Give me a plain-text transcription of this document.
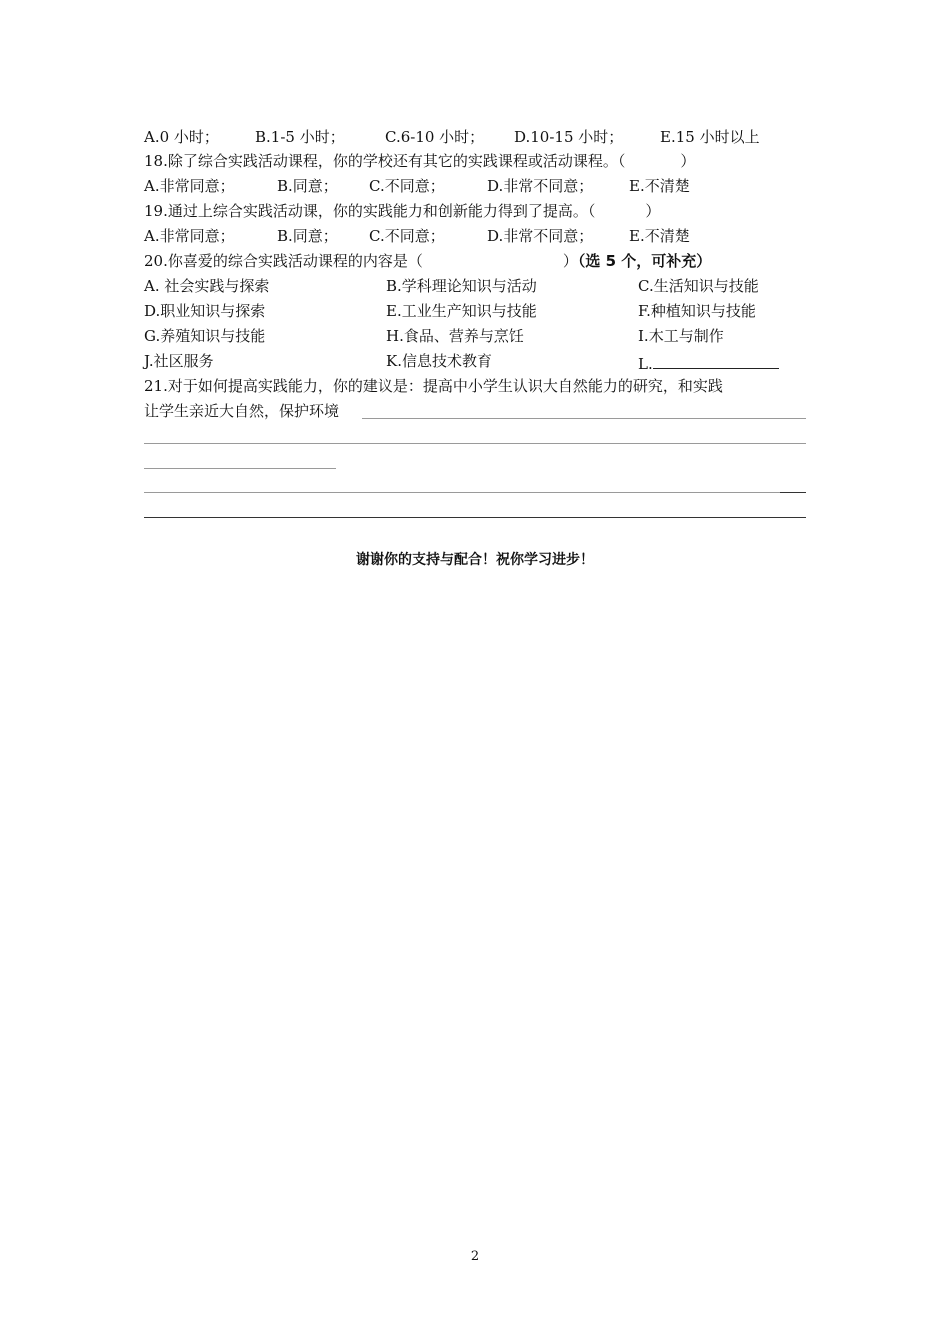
A.0 小时； B.1-5 小时；	C.6-10 小时； D.10-15 小时； E.15 小时以上
18.除了综合实践活动课程，你的学校还有其它的实践课程或活动课程。（	）
A.非常同意；	B.同意； C.不同意；	D.非常不同意； E.不清楚
19.通过上综合实践活动课，你的实践能力和创新能力得到了提高。（	）
A.非常同意；	B.同意； C.不同意；	D.非常不同意； E.不清楚
20.你喜爱的综合实践活动课程的内容是（	）（选 5 个，可补充）
A. 社会实践与探索	B.学科理论知识与活动	C.生活知识与技能
D.职业知识与探索	E.工业生产知识与技能	F.种植知识与技能
G.养殖知识与技能	H.食品、营养与烹饪	I.木工与制作
J.社区服务	K.信息技术教育	L.
21.对于如何提高实践能力，你的建议是：提高中小学生认识大自然能力的研究，和实践
让学生亲近大自然，保护环境
谢谢你的支持与配合！祝你学习进步！
2
